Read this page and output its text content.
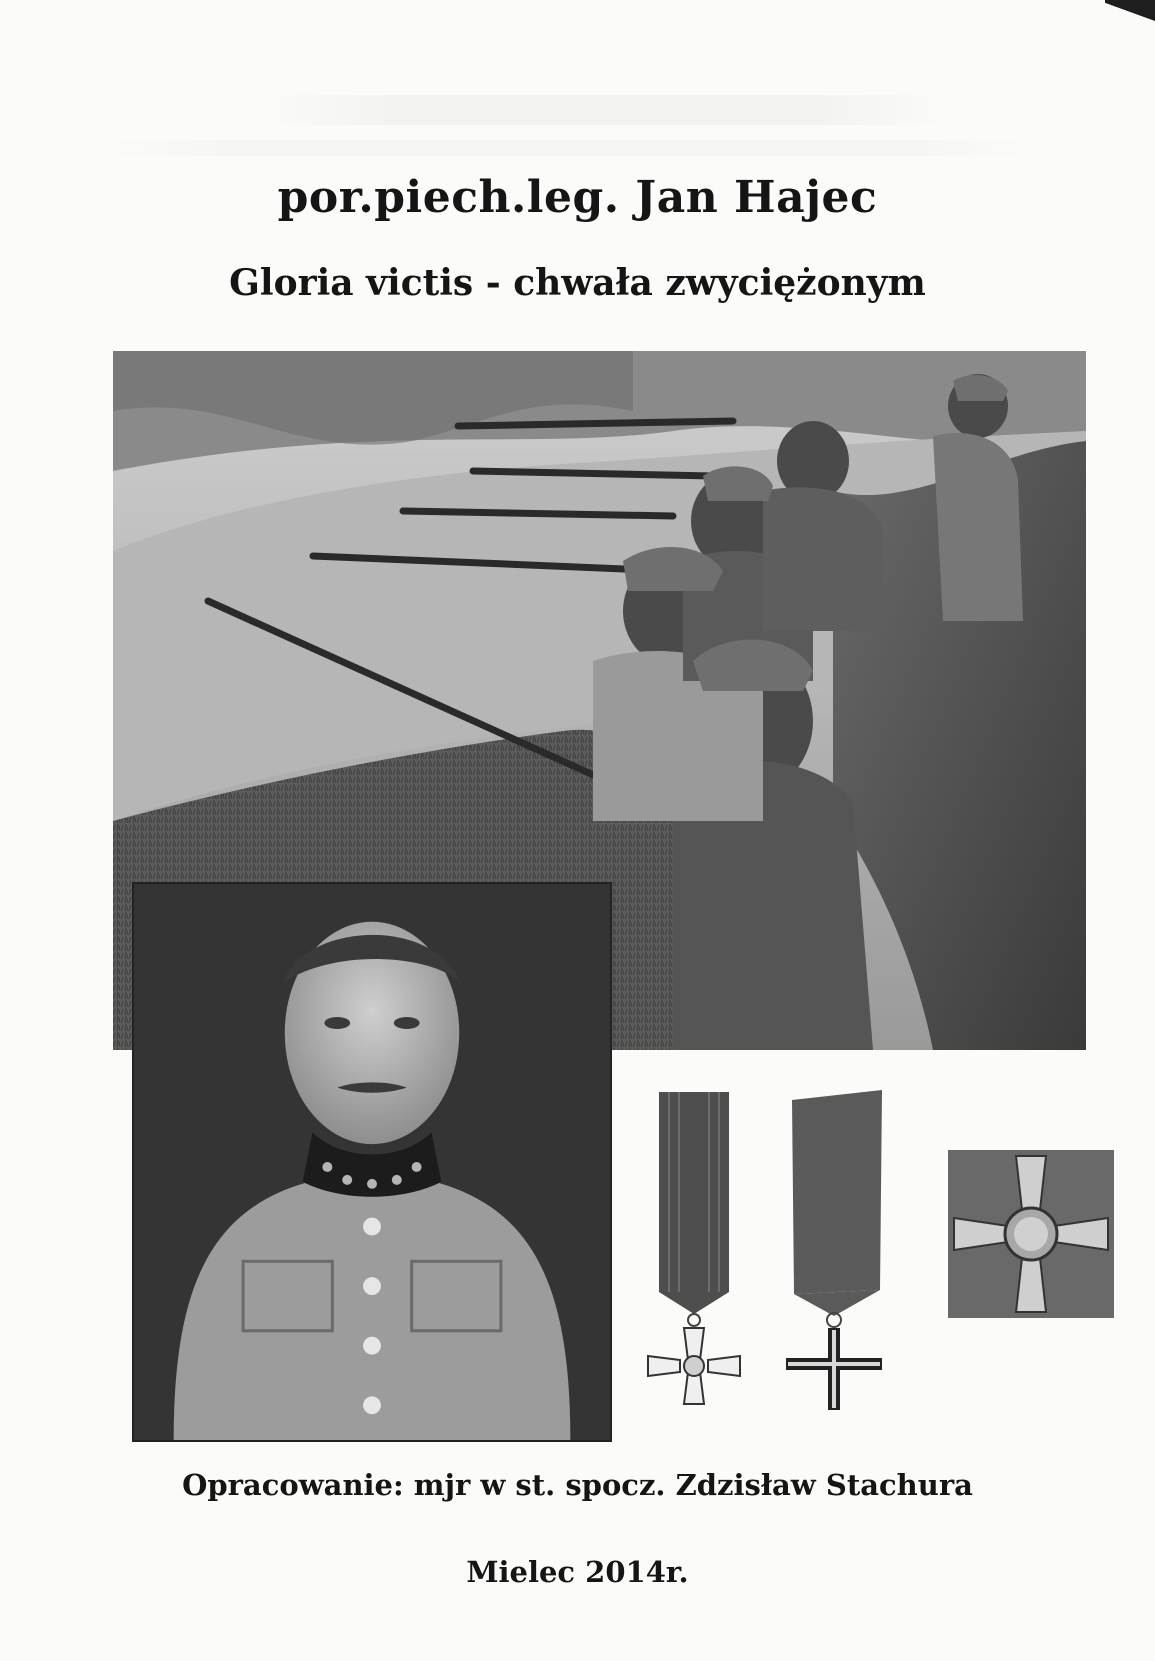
por.piech.leg. Jan Hajec
Gloria victis - chwała zwyciężonym
Opracowanie: mjr w st. spocz. Zdzisław Stachura
Mielec 2014r.
